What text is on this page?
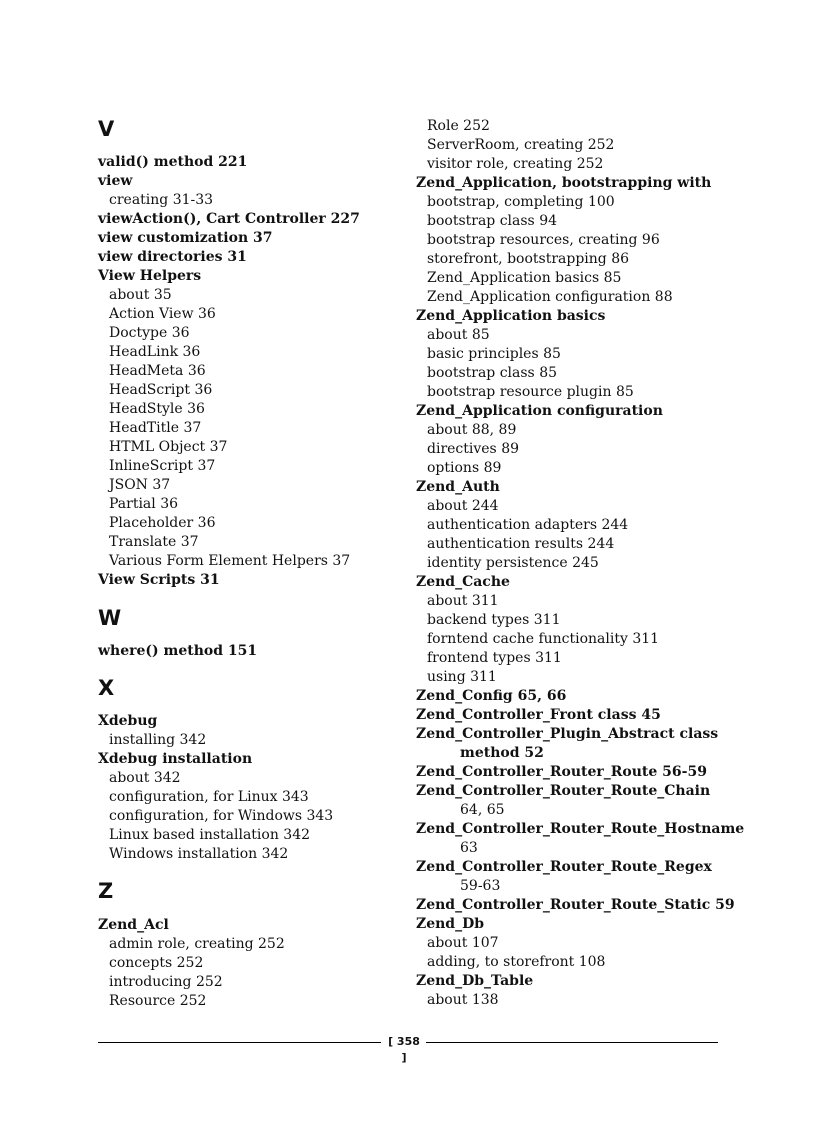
V
valid() method 221
view
creating 31-33
viewAction(), Cart Controller 227
view customization 37
view directories 31
View Helpers
about 35
Action View 36
Doctype 36
HeadLink 36
HeadMeta 36
HeadScript 36
HeadStyle 36
HeadTitle 37
HTML Object 37
InlineScript 37
JSON 37
Partial 36
Placeholder 36
Translate 37
Various Form Element Helpers 37
View Scripts 31
W
where() method 151
X
Xdebug
installing 342
Xdebug installation
about 342
configuration, for Linux 343
configuration, for Windows 343
Linux based installation 342
Windows installation 342
Z
Zend_Acl
admin role, creating 252
concepts 252
introducing 252
Resource 252
Role 252
ServerRoom, creating 252
visitor role, creating 252
Zend_Application, bootstrapping with
bootstrap, completing 100
bootstrap class 94
bootstrap resources, creating 96
storefront, bootstrapping 86
Zend_Application basics 85
Zend_Application configuration 88
Zend_Application basics
about 85
basic principles 85
bootstrap class 85
bootstrap resource plugin 85
Zend_Application configuration
about 88, 89
directives 89
options 89
Zend_Auth
about 244
authentication adapters 244
authentication results 244
identity persistence 245
Zend_Cache
about 311
backend types 311
forntend cache functionality 311
frontend types 311
using 311
Zend_Config 65, 66
Zend_Controller_Front class 45
Zend_Controller_Plugin_Abstract class
method 52
Zend_Controller_Router_Route 56-59
Zend_Controller_Router_Route_Chain
64, 65
Zend_Controller_Router_Route_Hostname
63
Zend_Controller_Router_Route_Regex
59-63
Zend_Controller_Router_Route_Static 59
Zend_Db
about 107
adding, to storefront 108
Zend_Db_Table
about 138
[ 358 ]
